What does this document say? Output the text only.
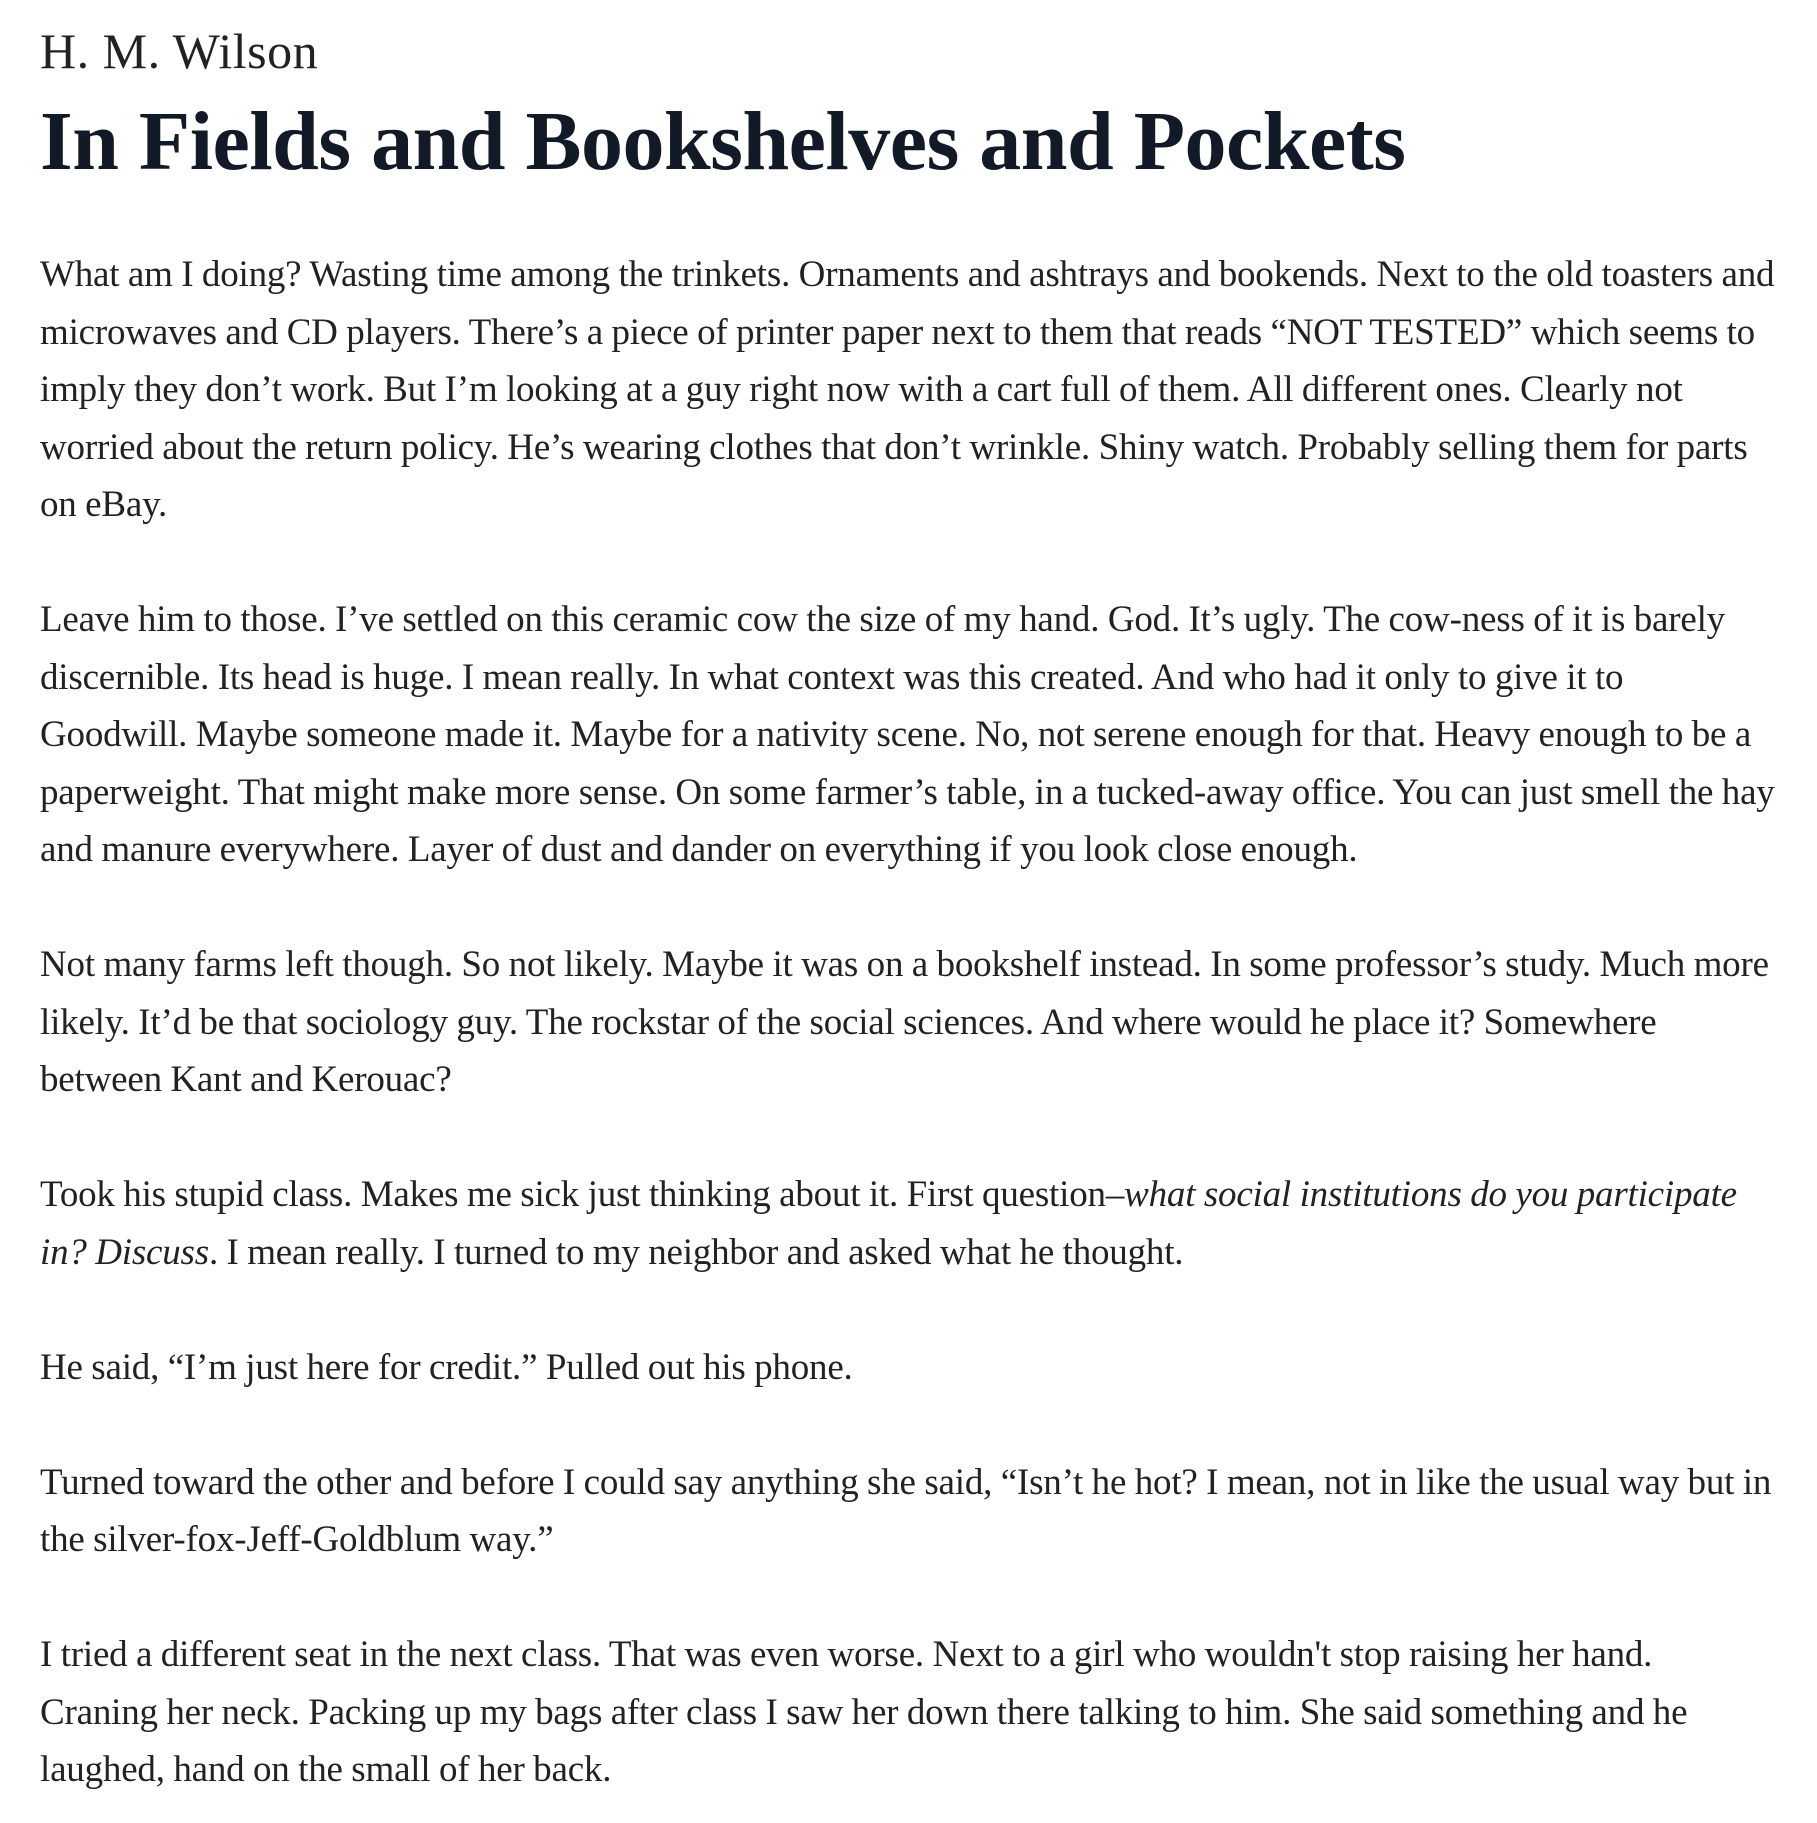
H. M. Wilson
In Fields and Bookshelves and Pockets

What am I doing? Wasting time among the trinkets. Ornaments and ashtrays and bookends. Next to the old toasters and microwaves and CD players. There’s a piece of printer paper next to them that reads “NOT TESTED” which seems to imply they don’t work. But I’m looking at a guy right now with a cart full of them. All different ones. Clearly not worried about the return policy. He’s wearing clothes that don’t wrinkle. Shiny watch. Probably selling them for parts on eBay.

Leave him to those. I’ve settled on this ceramic cow the size of my hand. God. It’s ugly. The cow-ness of it is barely discernible. Its head is huge. I mean really. In what context was this created. And who had it only to give it to Goodwill. Maybe someone made it. Maybe for a nativity scene. No, not serene enough for that. Heavy enough to be a paperweight. That might make more sense. On some farmer’s table, in a tucked-away office. You can just smell the hay and manure everywhere. Layer of dust and dander on everything if you look close enough.

Not many farms left though. So not likely. Maybe it was on a bookshelf instead. In some professor’s study. Much more likely. It’d be that sociology guy. The rockstar of the social sciences. And where would he place it? Somewhere between Kant and Kerouac?

Took his stupid class. Makes me sick just thinking about it. First question–what social institutions do you participate in? Discuss. I mean really. I turned to my neighbor and asked what he thought.

He said, “I’m just here for credit.” Pulled out his phone.

Turned toward the other and before I could say anything she said, “Isn’t he hot? I mean, not in like the usual way but in the silver-fox-Jeff-Goldblum way.”

I tried a different seat in the next class. That was even worse. Next to a girl who wouldn't stop raising her hand. Craning her neck. Packing up my bags after class I saw her down there talking to him. She said something and he laughed, hand on the small of her back.
